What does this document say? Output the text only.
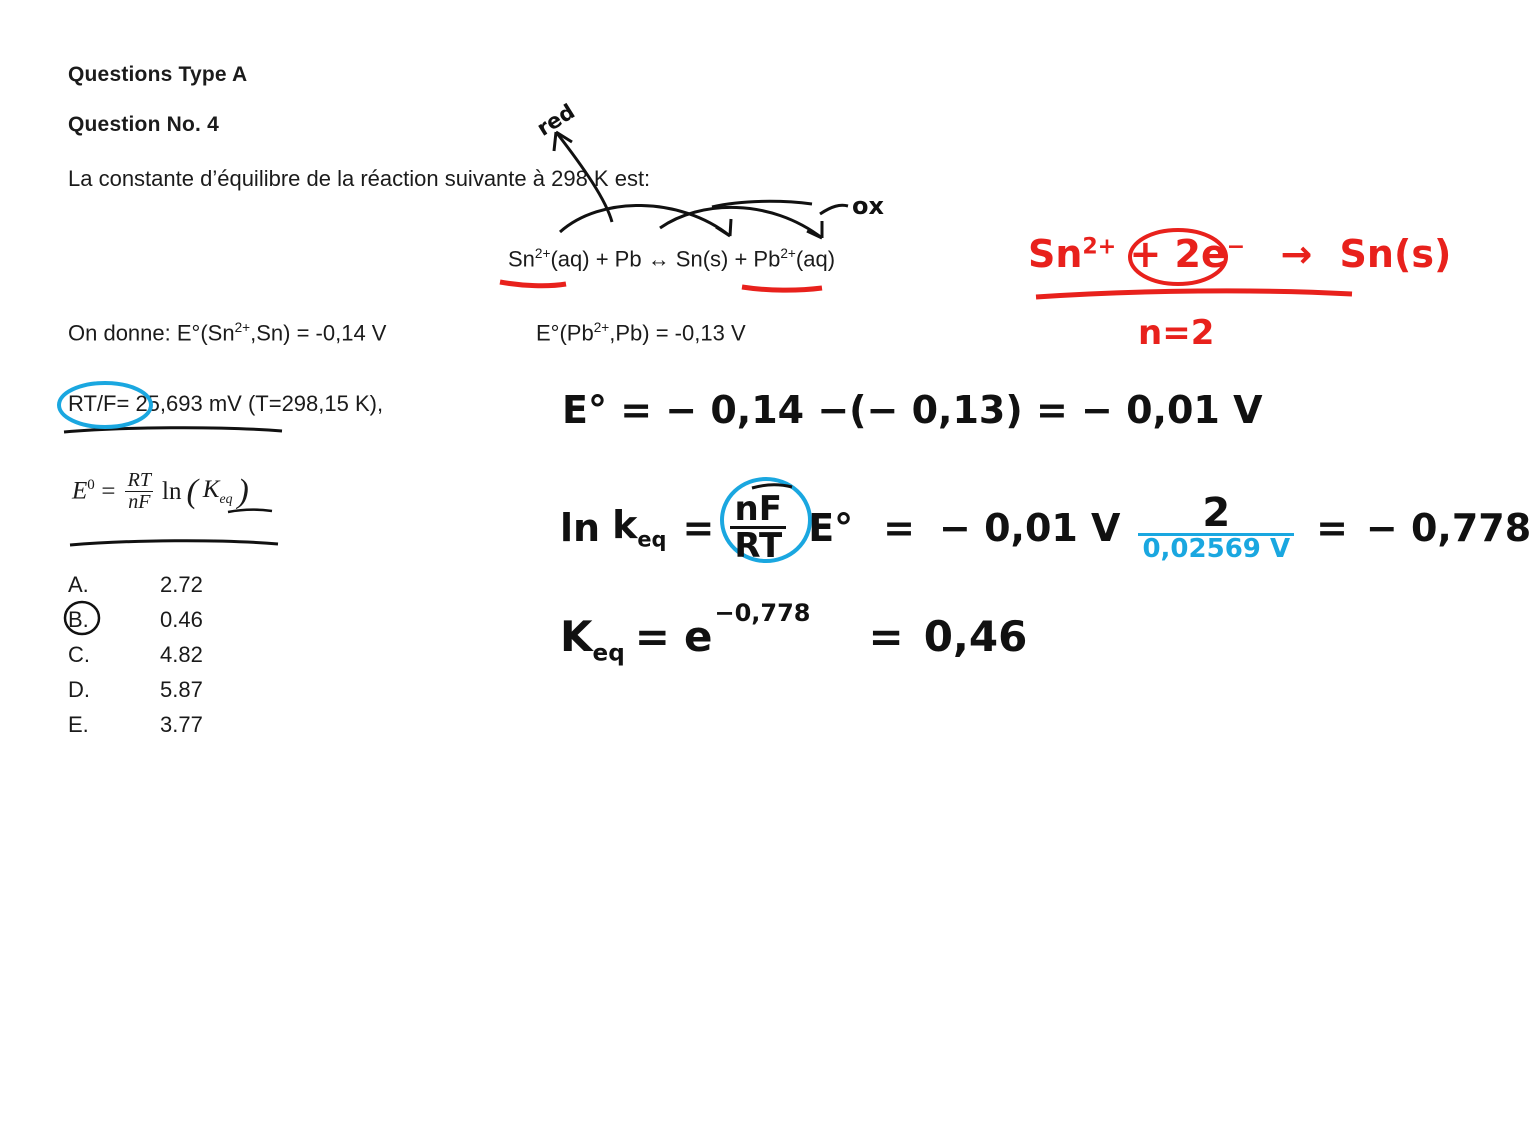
Questions Type A
Question No. 4
La constante d’équilibre de la réaction suivante à 298 K est:
$Sn^{2+}(aq) + Pb$ ↔ $Sn(s) + Pb^{2+}(aq)$
On donne: $E^\circ(Sn^{2+},Sn) = -0,14$ V	$E^\circ(Pb^{2+},Pb) = -0,13$ V
RT/F= 25,693 mV (T=298,15 K),
$E^0 = \frac{RT}{nF}$ ln ( $K_{eq}$ )
A.	2.72
B.	0.46
C.	4.82
D.	5.87
E.	3.77
red
ox
$Sn^{2+} + 2e^- \to Sn(s)$
n=2
E° = − 0,14 −(− 0,13) = − 0,01 V
$\ln k_{eq} = \frac{nF}{RT} E^\circ$ = − 0,01 V $\frac{2}{0,02569 V}$ = − 0,778
$K_{eq} = e -0,778 = 0,46$
